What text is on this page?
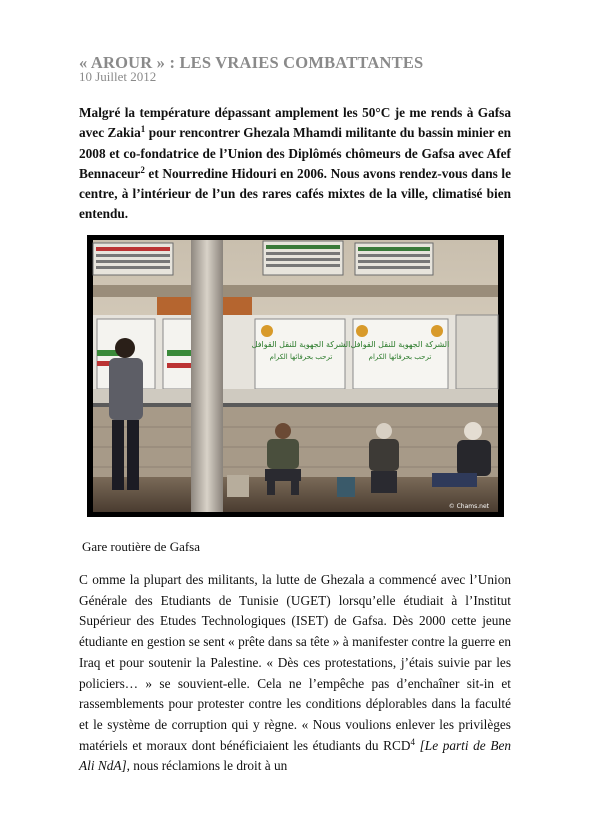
« AROUR » : LES VRAIES COMBATTANTES
10 Juillet 2012
Malgré la température dépassant amplement les 50°C je me rends à Gafsa avec Zakia$^1$ pour rencontrer Ghezala Mhamdi militante du bassin minier en 2008 et co-fondatrice de l’Union des Diplômés chômeurs de Gafsa avec Afef Bennaceur$^2$ et Nourredine Hidouri en 2006. Nous avons rendez-vous dans le centre, à l’intérieur de l’un des rares cafés mixtes de la ville, climatisé bien entendu.
الشركة الجهوية للنقل القوافل الشركة الجهوية للنقل القوافل
ترحب بحرفائها الكرام	ترحب بحرفائها الكرام
© Chams.net
Gare routière de Gafsa
C omme la plupart des militants, la lutte de Ghezala a commencé avec l’Union Générale des Etudiants de Tunisie (UGET) lorsqu’elle étudiait à l’Institut Supérieur des Etudes Technologiques (ISET) de Gafsa. Dès 2000 cette jeune étudiante en gestion se sent « prête dans sa tête » à manifester contre la guerre en Iraq et pour soutenir la Palestine. « Dès ces protestations, j’étais suivie par les policiers… » se souvient-elle. Cela ne l’empêche pas d’enchaîner sit-in et rassemblements pour protester contre les conditions déplorables dans la faculté et le système de corruption qui y règne. « Nous voulions enlever les privilèges matériels et moraux dont bénéficiaient les étudiants du RCD$^4$ [Le parti de Ben Ali NdA], nous réclamions le droit à un
